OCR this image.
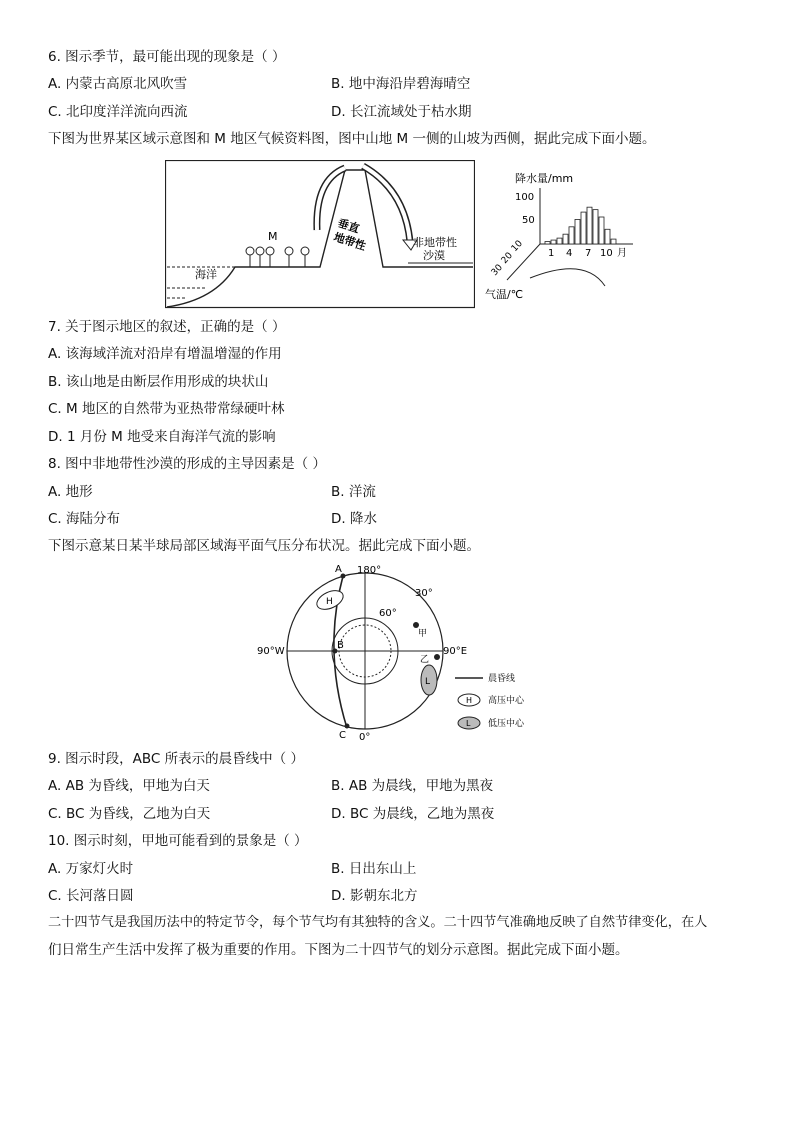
6. 图示季节，最可能出现的现象是（ ）
A. 内蒙古高原北风吹雪	B. 地中海沿岸碧海晴空
C. 北印度洋洋流向西流	D. 长江流域处于枯水期
下图为世界某区域示意图和 M 地区气候资料图，图中山地 M 一侧的山坡为西侧，据此完成下面小题。
海洋
M
垂直
地带性	非地带性
沙漠
降水量/mm
100
50
1 4 7 10 月
10
20
30
气温/℃
7. 关于图示地区的叙述，正确的是（ ）
A. 该海域洋流对沿岸有增温增湿的作用
B. 该山地是由断层作用形成的块状山
C. M 地区的自然带为亚热带常绿硬叶林
D. 1 月份 M 地受来自海洋气流的影响
8. 图中非地带性沙漠的形成的主导因素是（ ）
A. 地形	B. 洋流
C. 海陆分布	D. 降水
下图示意某日某半球局部区域海平面气压分布状况。据此完成下面小题。
A
B
C
180°
0°
90°W	90°E
30°
60°
H
甲
乙
L	晨昏线
H 高压中心
L 低压中心
9. 图示时段，ABC 所表示的晨昏线中（ ）
A. AB 为昏线，甲地为白天	B. AB 为晨线，甲地为黑夜
C. BC 为昏线，乙地为白天	D. BC 为晨线，乙地为黑夜
10. 图示时刻，甲地可能看到的景象是（ ）
A. 万家灯火时	B. 日出东山上
C. 长河落日圆	D. 影朝东北方
二十四节气是我国历法中的特定节令，每个节气均有其独特的含义。二十四节气准确地反映了自然节律变化，在人
们日常生产生活中发挥了极为重要的作用。下图为二十四节气的划分示意图。据此完成下面小题。
